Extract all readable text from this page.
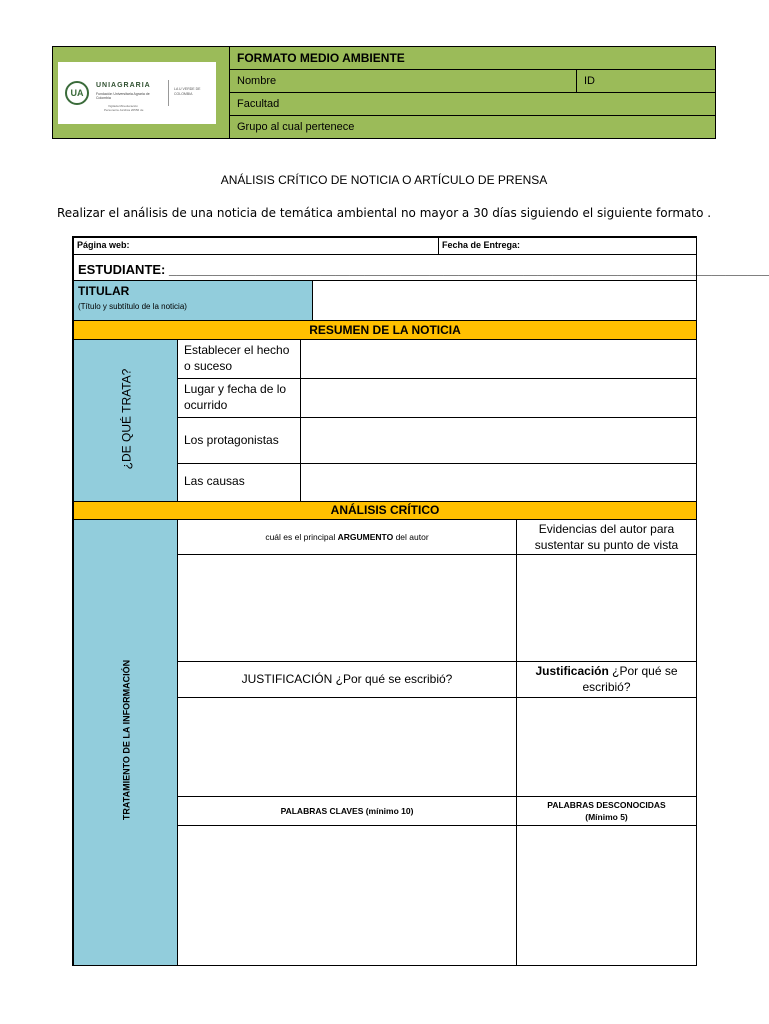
UA
UNIAGRARIA
Fundación Universitaria Agraria de Colombia
Vigilada Mineducación
Personería Jurídica 20556 de
LA U VERDE DE COLOMBIA
FORMATO MEDIO AMBIENTE
Nombre	ID
Facultad
Grupo al cual pertenece
ANÁLISIS CRÍTICO DE NOTICIA O ARTÍCULO DE PRENSA
Realizar el análisis de una noticia de temática ambiental no mayor a 30 días siguiendo el siguiente formato .
Página web:	Fecha de Entrega:
ESTUDIANTE: ___________________________________________________________________________________
TITULAR
(Título y subtítulo de la noticia)
RESUMEN DE LA NOTICIA
¿DE QUÉ TRATA?
Establecer el hecho o suceso
Lugar y fecha de lo ocurrido
Los protagonistas
Las causas
ANÁLISIS CRÍTICO
TRATAMIENTO DE LA INFORMACIÓN
cuál es el principal ARGUMENTO del autor
Evidencias del autor para sustentar su punto de vista
JUSTIFICACIÓN ¿Por qué se escribió?
Justificación ¿Por qué se escribió?
PALABRAS CLAVES (mínimo 10)
PALABRAS DESCONOCIDAS
(Mínimo 5)
